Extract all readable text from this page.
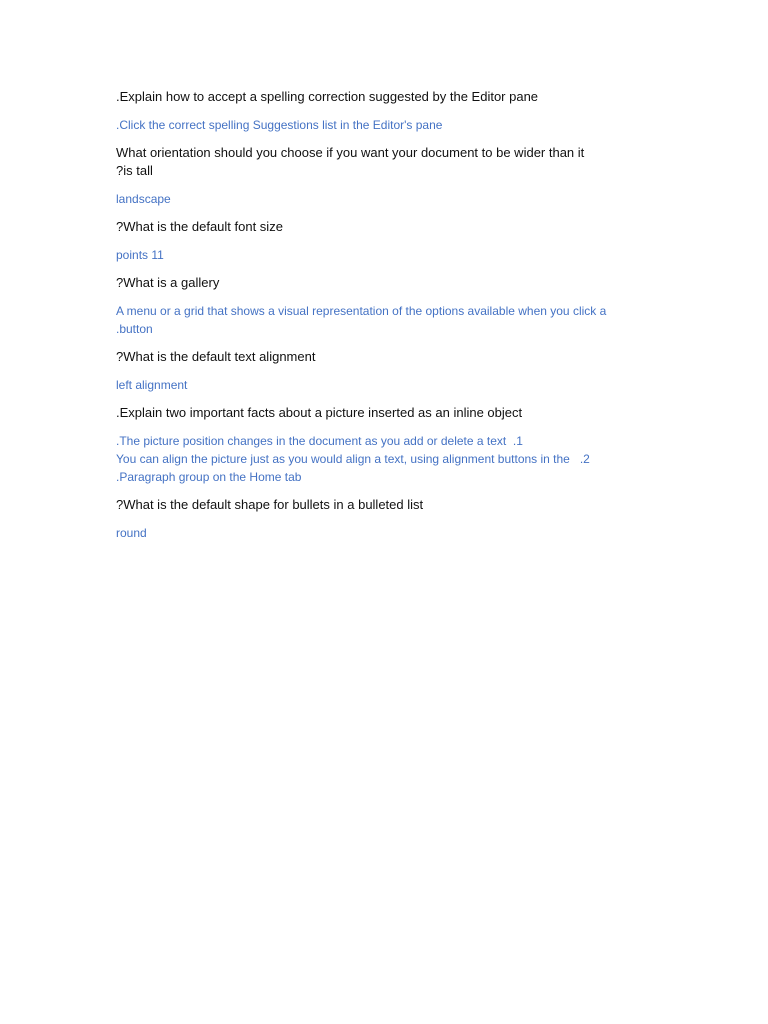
.Explain how to accept a spelling correction suggested by the Editor pane

.Click the correct spelling Suggestions list in the Editor's pane

What orientation should you choose if you want your document to be wider than it

?is tall

landscape

?What is the default font size

points 11

?What is a gallery

A menu or a grid that shows a visual representation of the options available when you click a

.button

?What is the default text alignment

left alignment

.Explain two important facts about a picture inserted as an inline object

.The picture position changes in the document as you add or delete a text  .1

You can align the picture just as you would align a text, using alignment buttons in the   .2

.Paragraph group on the Home tab

?What is the default shape for bullets in a bulleted list

round
